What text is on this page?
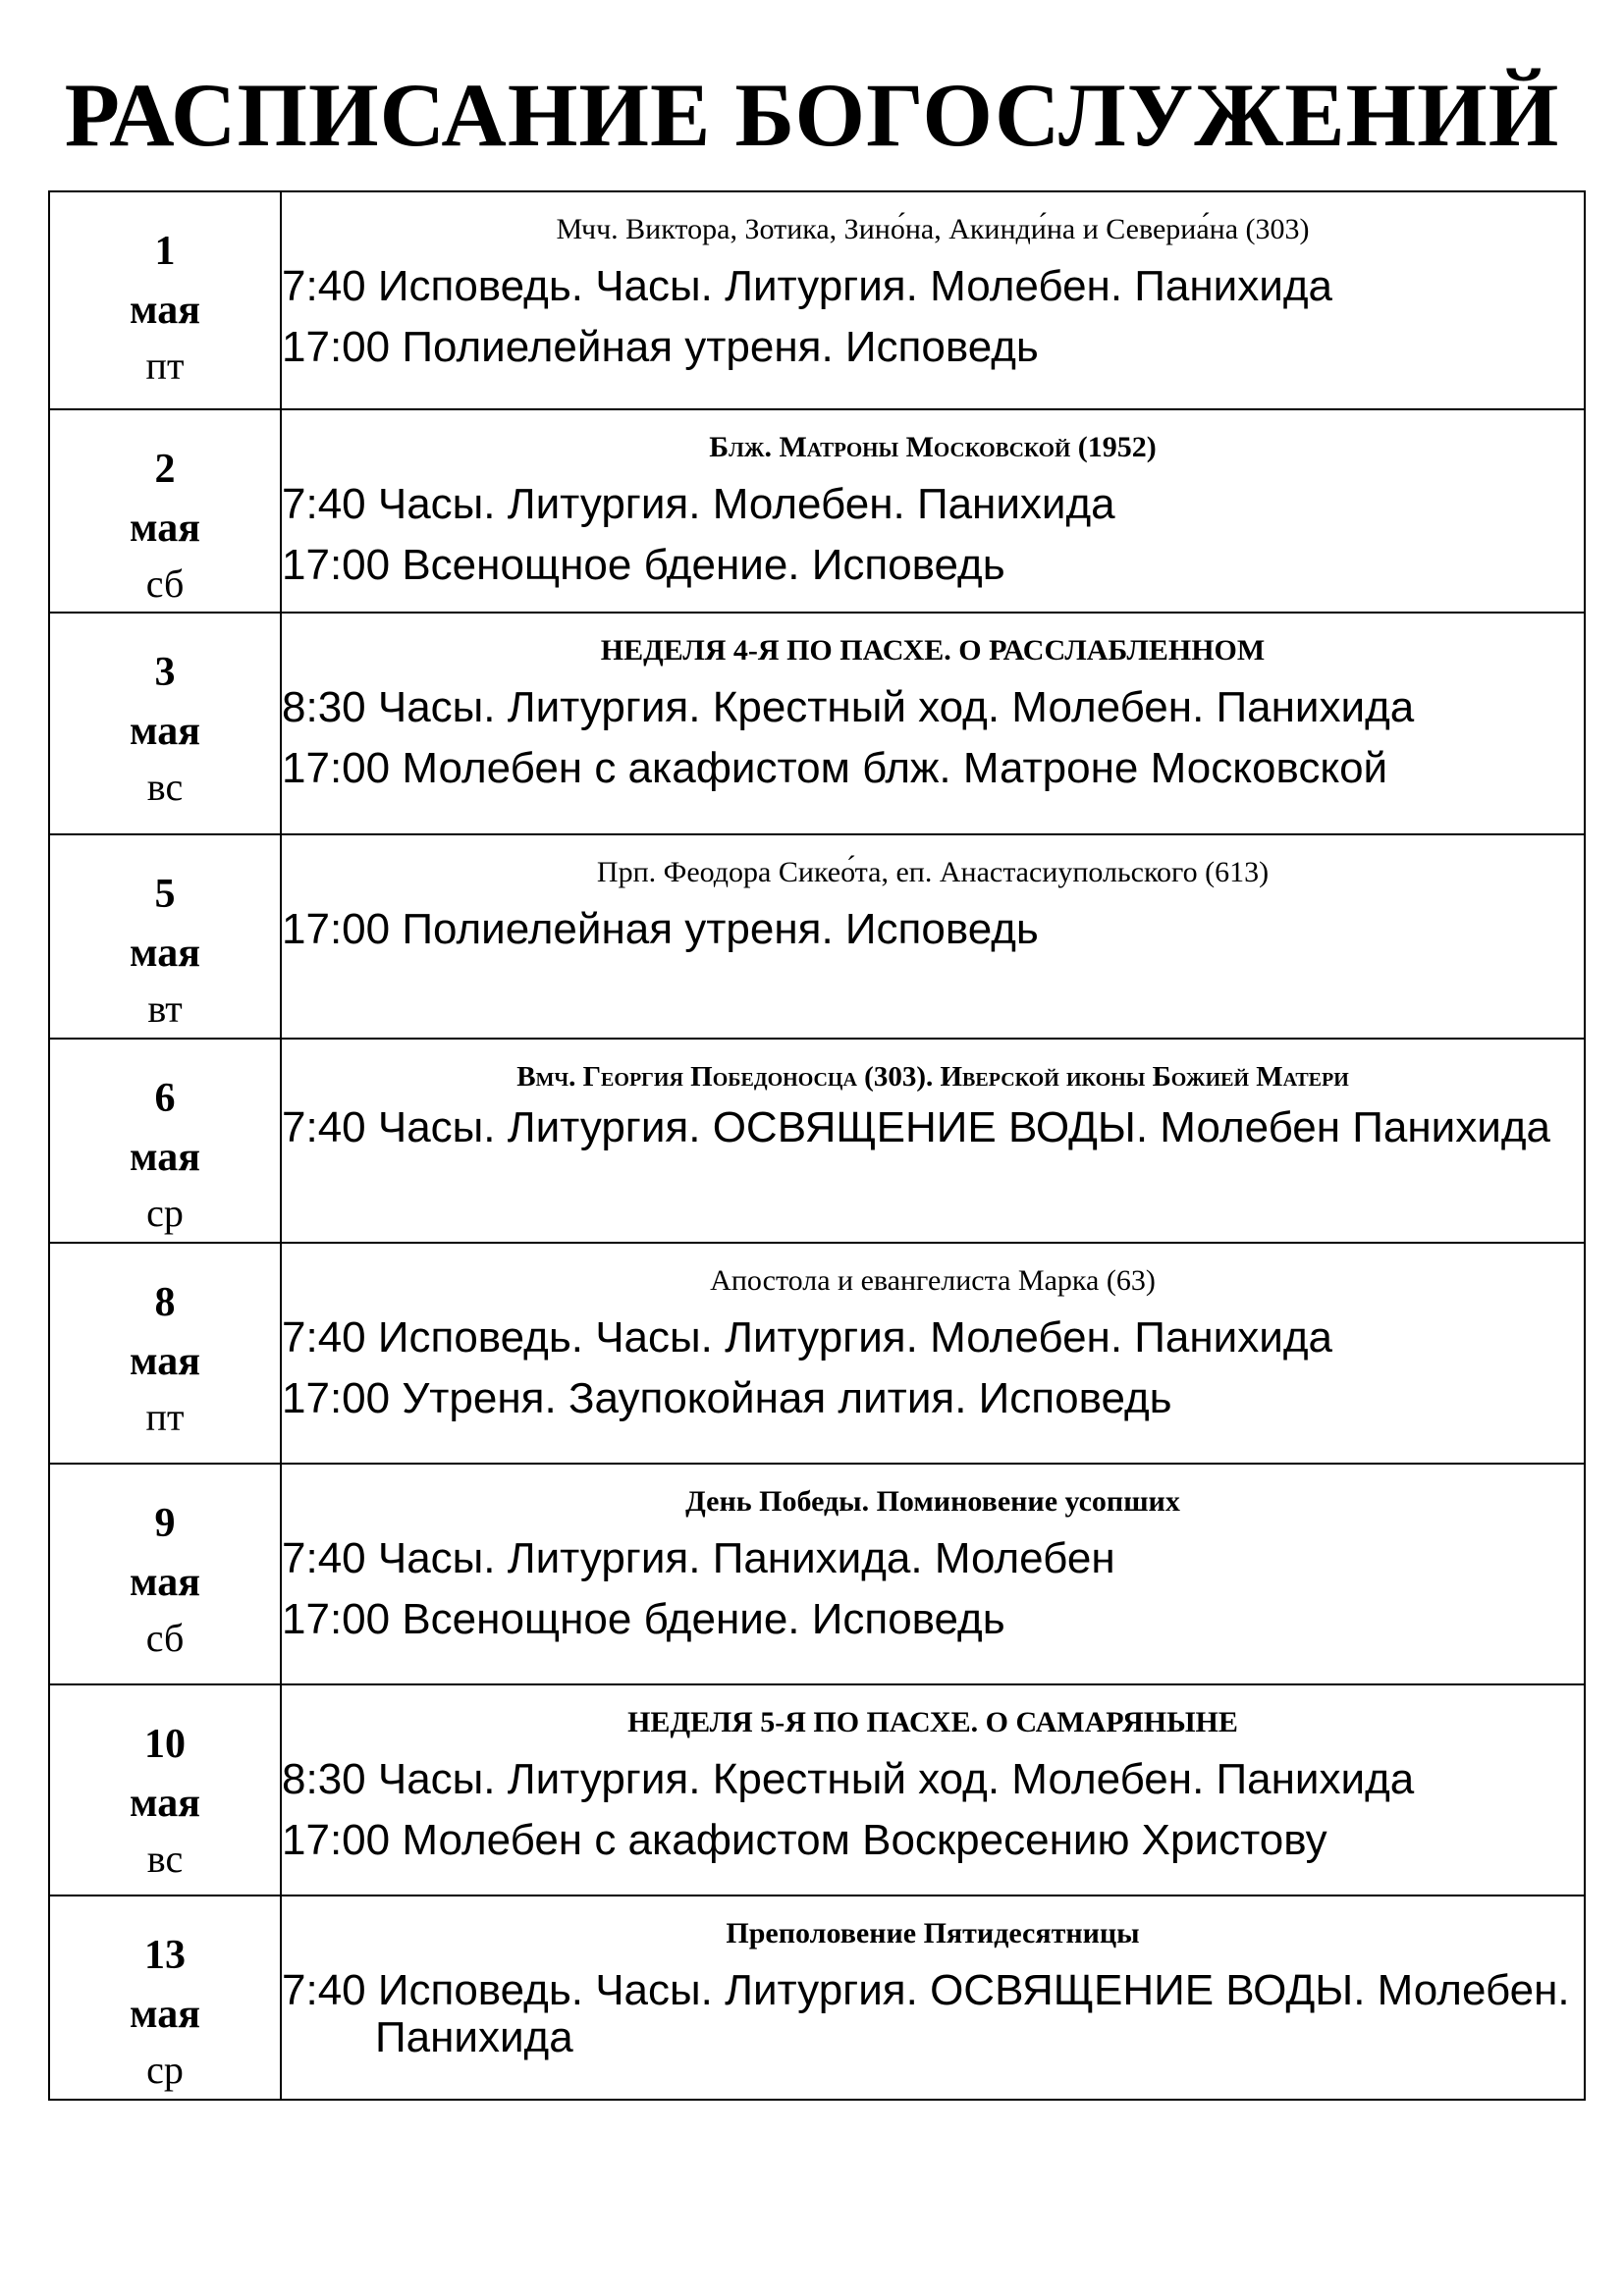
РАСПИСАНИЕ БОГОСЛУЖЕНИЙ
1
мая
пт	Мчч. Виктора, Зотика, Зино́на, Акинди́на и Севериа́на (303)
7:40 Исповедь. Часы. Литургия. Молебен. Панихида
17:00 Полиелейная утреня. Исповедь

2
мая
сб	Блж. Матроны Московской (1952)
7:40 Часы. Литургия. Молебен. Панихида
17:00 Всенощное бдение. Исповедь

3
мая
вс	НЕДЕЛЯ 4-Я ПО ПАСХЕ. О РАССЛАБЛЕННОМ
8:30 Часы. Литургия. Крестный ход. Молебен. Панихида
17:00 Молебен с акафистом блж. Матроне Московской

5
мая
вт	Прп. Феодора Сикео́та, еп. Анастасиупольского (613)
17:00 Полиелейная утреня. Исповедь

6
мая
ср	Вмч. Георгия Победоносца (303). Иверской иконы Божией Матери
7:40 Часы. Литургия. ОСВЯЩЕНИЕ ВОДЫ. Молебен Панихида

8
мая
пт	Апостола и евангелиста Марка (63)
7:40 Исповедь. Часы. Литургия. Молебен. Панихида
17:00 Утреня. Заупокойная лития. Исповедь

9
мая
сб	День Победы. Поминовение усопших
7:40 Часы. Литургия. Панихида. Молебен
17:00 Всенощное бдение. Исповедь

10
мая
вс	НЕДЕЛЯ 5-Я ПО ПАСХЕ. О САМАРЯНЫНЕ
8:30 Часы. Литургия. Крестный ход. Молебен. Панихида
17:00 Молебен с акафистом Воскресению Христову

13
мая
ср	Преполовение Пятидесятницы
7:40 Исповедь. Часы. Литургия. ОСВЯЩЕНИЕ ВОДЫ. Молебен. Панихида
